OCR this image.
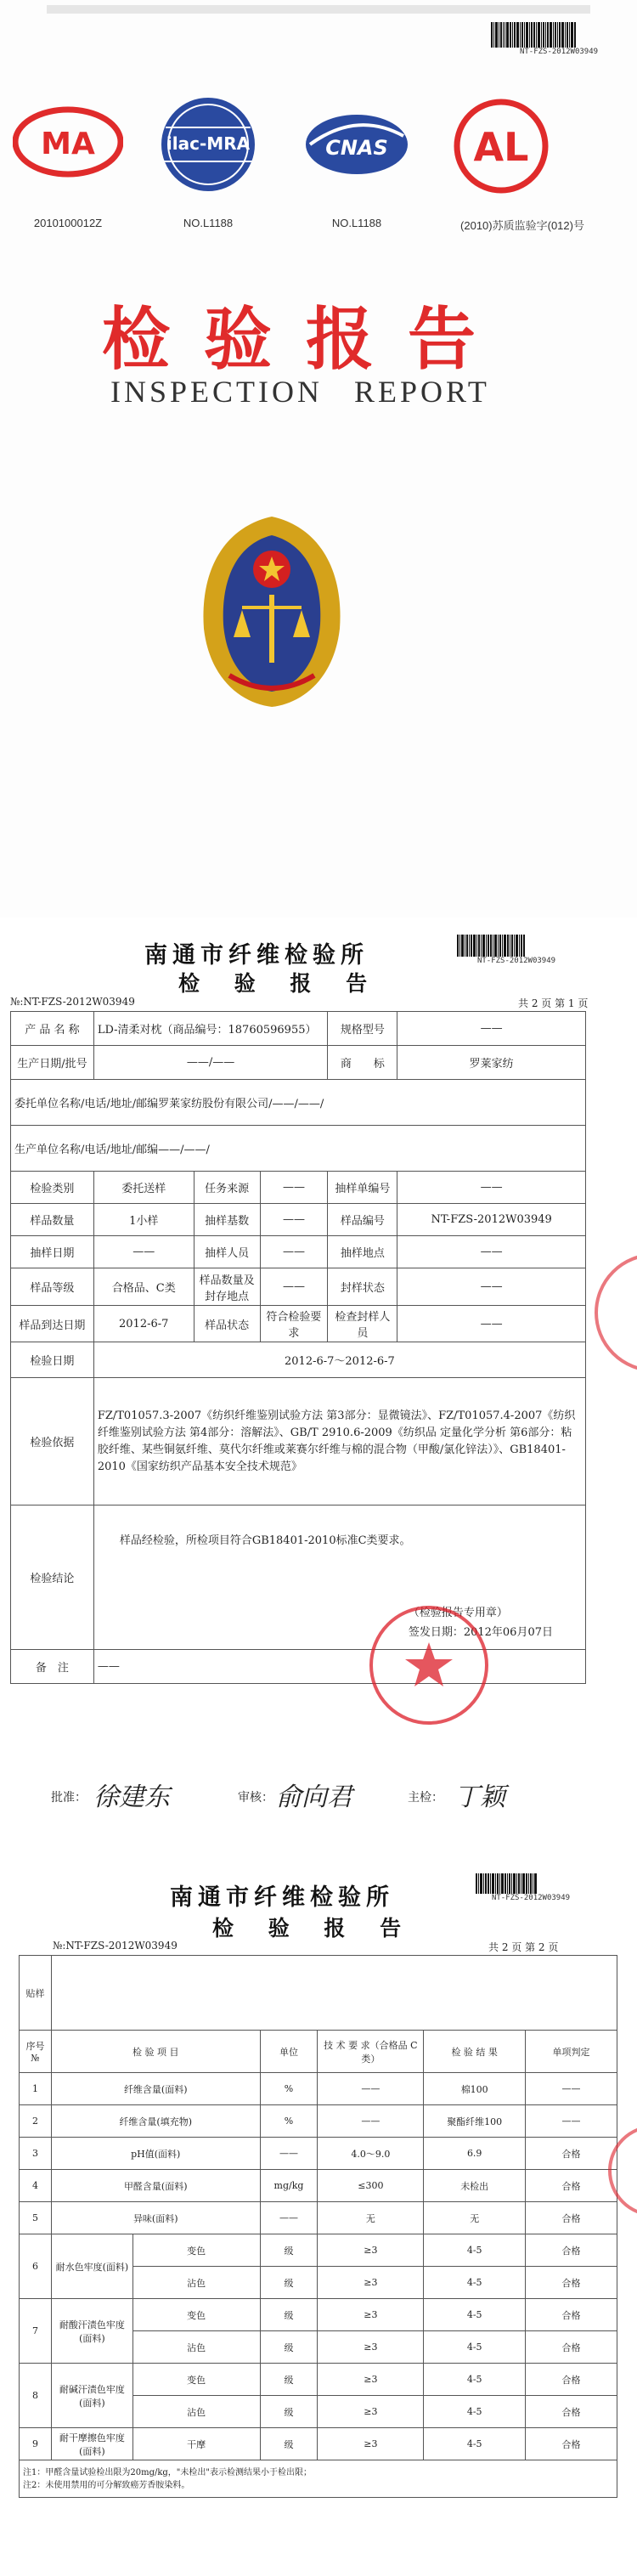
NT-FZS-2012W03949
MA
2010100012Z
ilac-MRA
NO.L1188
CNAS
NO.L1188
AL
(2010)苏质监验字(012)号
检验报告
INSPECTION REPORT
南通市纤维检验所
检 验 报 告
NT-FZS-2012W03949
№:NT-FZS-2012W03949	共 2 页 第 1 页
产 品 名 称	LD-清柔对枕（商品编号：18760596955）			规格型号	——
生产日期/批号	——/——			商　　标	罗莱家纺
委托单位名称/电话/地址/邮编罗莱家纺股份有限公司/——/——/					
生产单位名称/电话/地址/邮编——/——/					
检验类别	委托送样	任务来源	——	抽样单编号	——
样品数量	1小样	抽样基数	——	样品编号	NT-FZS-2012W03949
抽样日期	——	抽样人员	——	抽样地点	——
样品等级	合格品、C类	样品数量及封存地点	——	封样状态	——
样品到达日期	2012-6-7	样品状态	符合检验要求	检查封样人员	——
检验日期	2012-6-7～2012-6-7				
检验依据	FZ/T01057.3-2007《纺织纤维鉴别试验方法 第3部分：显微镜法》、FZ/T01057.4-2007《纺织纤维鉴别试验方法 第4部分：溶解法》、GB/T 2910.6-2009《纺织品 定量化学分析 第6部分：粘胶纤维、某些铜氨纤维、莫代尔纤维或莱赛尔纤维与棉的混合物（甲酸/氯化锌法）》、GB18401-2010《国家纺织产品基本安全技术规范》				
检验结论	样品经检验，所检项目符合GB18401-2010标准C类要求。
（检验报告专用章）
签发日期：2012年06月07日				

备　注	——				
批准： 徐建东	审核： 俞向君	主检： 丁颖
南通市纤维检验所
检 验 报 告
NT-FZS-2012W03949
№:NT-FZS-2012W03949	共 2 页 第 2 页
贴样						
序号 №	检 验 项 目		单位	技 术 要 求（合格品 C类）	检 验 结 果	单项判定
1	纤维含量(面料)		%	——	棉100	——
2	纤维含量(填充物)		%	——	聚酯纤维100	——
3	pH值(面料)		——	4.0～9.0	6.9	合格
4	甲醛含量(面料)		mg/kg	≤300	未检出	合格
5	异味(面料)		——	无	无	合格
6	耐水色牢度(面料)	变色	级	≥3	4-5	合格
		沾色	级	≥3	4-5	合格
7	耐酸汗渍色牢度(面料)	变色	级	≥3	4-5	合格
		沾色	级	≥3	4-5	合格
8	耐碱汗渍色牢度(面料)	变色	级	≥3	4-5	合格
		沾色	级	≥3	4-5	合格
9	耐干摩擦色牢度(面料)	干摩	级	≥3	4-5	合格

注1：甲醛含量试验检出限为20mg/kg，"未检出"表示检测结果小于检出限；
注2：未使用禁用的可分解致癌芳香胺染料。						
